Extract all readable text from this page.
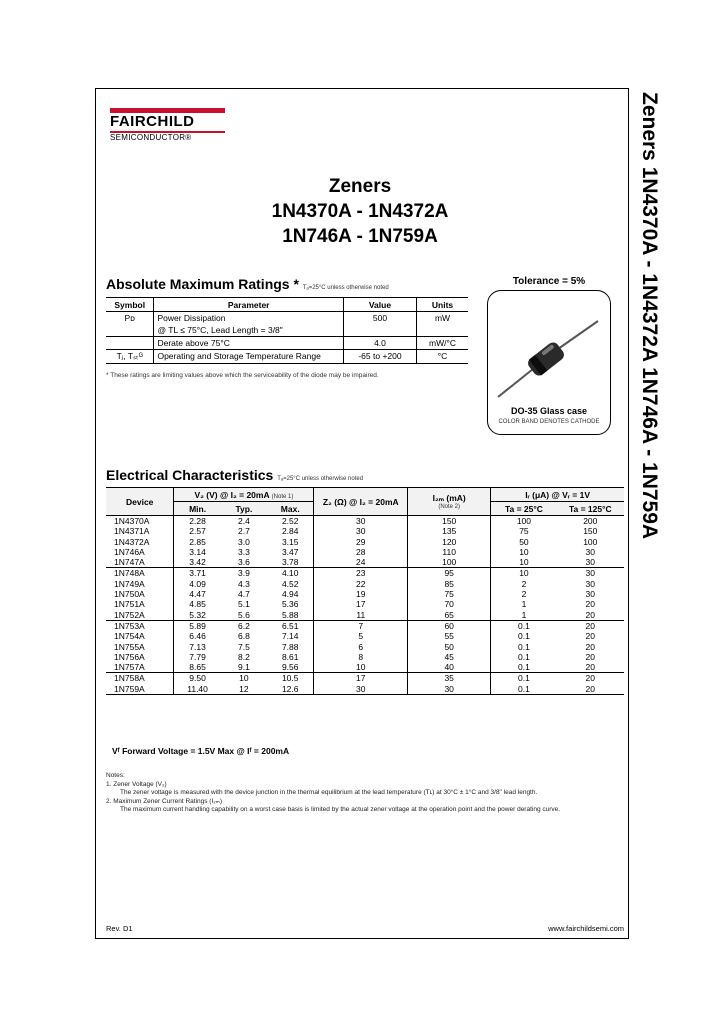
FAIRCHILD
SEMICONDUCTOR®
Zeners
1N4370A - 1N4372A
1N746A - 1N759A	Zeners 1N4370A - 1N4372A 1N746A - 1N759A
Absolute Maximum Ratings * Tₐ=25°C unless otherwise noted
Symbol	Parameter	Value	Units
Pᴅ	Power Dissipation	500	mW
	@ TL ≤ 75°C, Lead Length = 3/8"		
	Derate above 75°C	4.0	mW/°C
Tⱼ, Tₛₜᴳ	Operating and Storage Temperature Range	-65 to +200	°C
* These ratings are limiting values above which the serviceability of the diode may be impaired.
Tolerance = 5%
DO-35 Glass case
COLOR BAND DENOTES CATHODE
Electrical Characteristics Tₐ=25°C unless otherwise noted
Device	V₂ (V) @ I₂ = 20mA (Note 1)			Z₂ (Ω) @ I₂ = 20mA	I₂ₘ (mA)
(Note 2)	Iᵣ (μA) @ Vᵣ = 1V	
	Min.	Typ.	Max.			Ta = 25°C	Ta = 125°C
1N4370A	2.28	2.4	2.52	30	150	100	200
1N4371A	2.57	2.7	2.84	30	135	75	150
1N4372A	2.85	3.0	3.15	29	120	50	100
1N746A	3.14	3.3	3.47	28	110	10	30
1N747A	3.42	3.6	3.78	24	100	10	30
1N748A	3.71	3.9	4.10	23	95	10	30
1N749A	4.09	4.3	4.52	22	85	2	30
1N750A	4.47	4.7	4.94	19	75	2	30
1N751A	4.85	5.1	5.36	17	70	1	20
1N752A	5.32	5.6	5.88	11	65	1	20
1N753A	5.89	6.2	6.51	7	60	0.1	20
1N754A	6.46	6.8	7.14	5	55	0.1	20
1N755A	7.13	7.5	7.88	6	50	0.1	20
1N756A	7.79	8.2	8.61	8	45	0.1	20
1N757A	8.65	9.1	9.56	10	40	0.1	20
1N758A	9.50	10	10.5	17	35	0.1	20
1N759A	11.40	12	12.6	30	30	0.1	20
Vᶠ Forward Voltage = 1.5V Max @ Iᶠ = 200mA
Notes:
1. Zener Voltage (V₂)
The zener voltage is measured with the device junction in the thermal equilibrium at the lead temperature (Tʟ) at 30°C ± 1°C and 3/8" lead length.
2. Maximum Zener Current Ratings (I₂ₘ)
The maximum current handling capability on a worst case basis is limited by the actual zener voltage at the operation point and the power derating curve.
Rev. D1	www.fairchildsemi.com
